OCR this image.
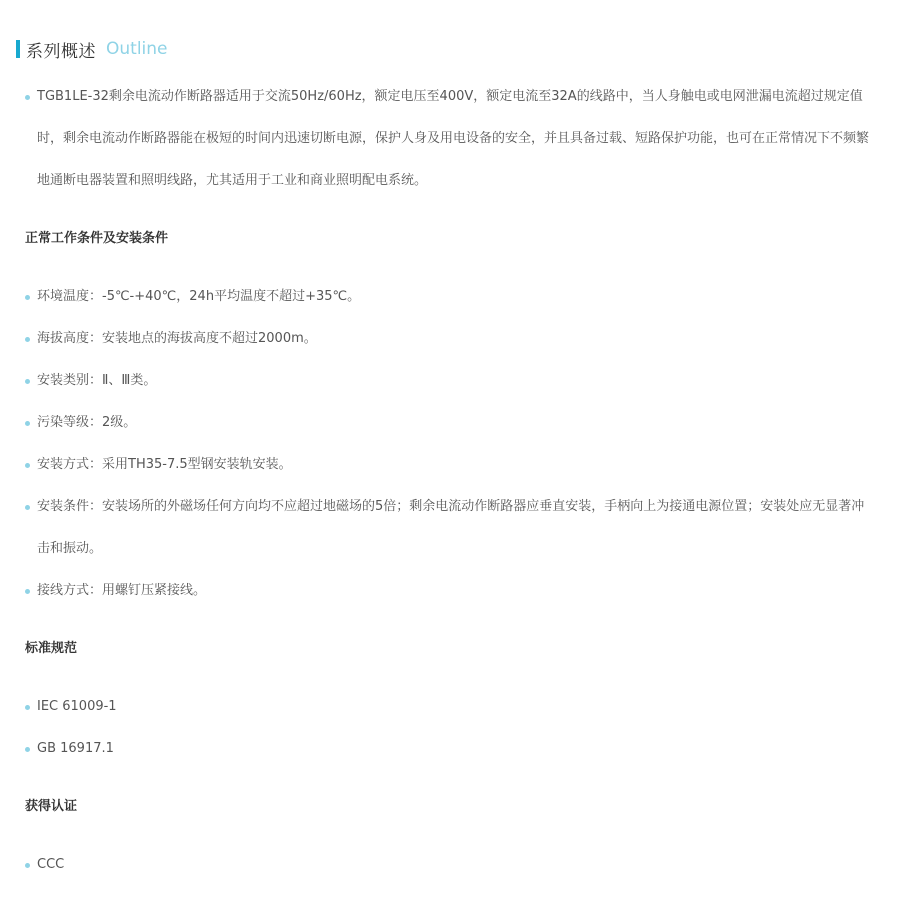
系列概述 Outline
TGB1LE-32剩余电流动作断路器适用于交流50Hz/60Hz，额定电压至400V，额定电流至32A的线路中，当人身触电或电网泄漏电流超过规定值时，剩余电流动作断路器能在极短的时间内迅速切断电源，保护人身及用电设备的安全，并且具备过载、短路保护功能，也可在正常情况下不频繁地通断电器装置和照明线路，尤其适用于工业和商业照明配电系统。
正常工作条件及安装条件
环境温度：-5℃-+40℃，24h平均温度不超过+35℃。
海拔高度：安装地点的海拔高度不超过2000m。
安装类别：Ⅱ、Ⅲ类。
污染等级：2级。
安装方式：采用TH35-7.5型钢安装轨安装。
安装条件：安装场所的外磁场任何方向均不应超过地磁场的5倍；剩余电流动作断路器应垂直安装，手柄向上为接通电源位置；安装处应无显著冲击和振动。
接线方式：用螺钉压紧接线。
标准规范
IEC 61009-1
GB 16917.1
获得认证
CCC
